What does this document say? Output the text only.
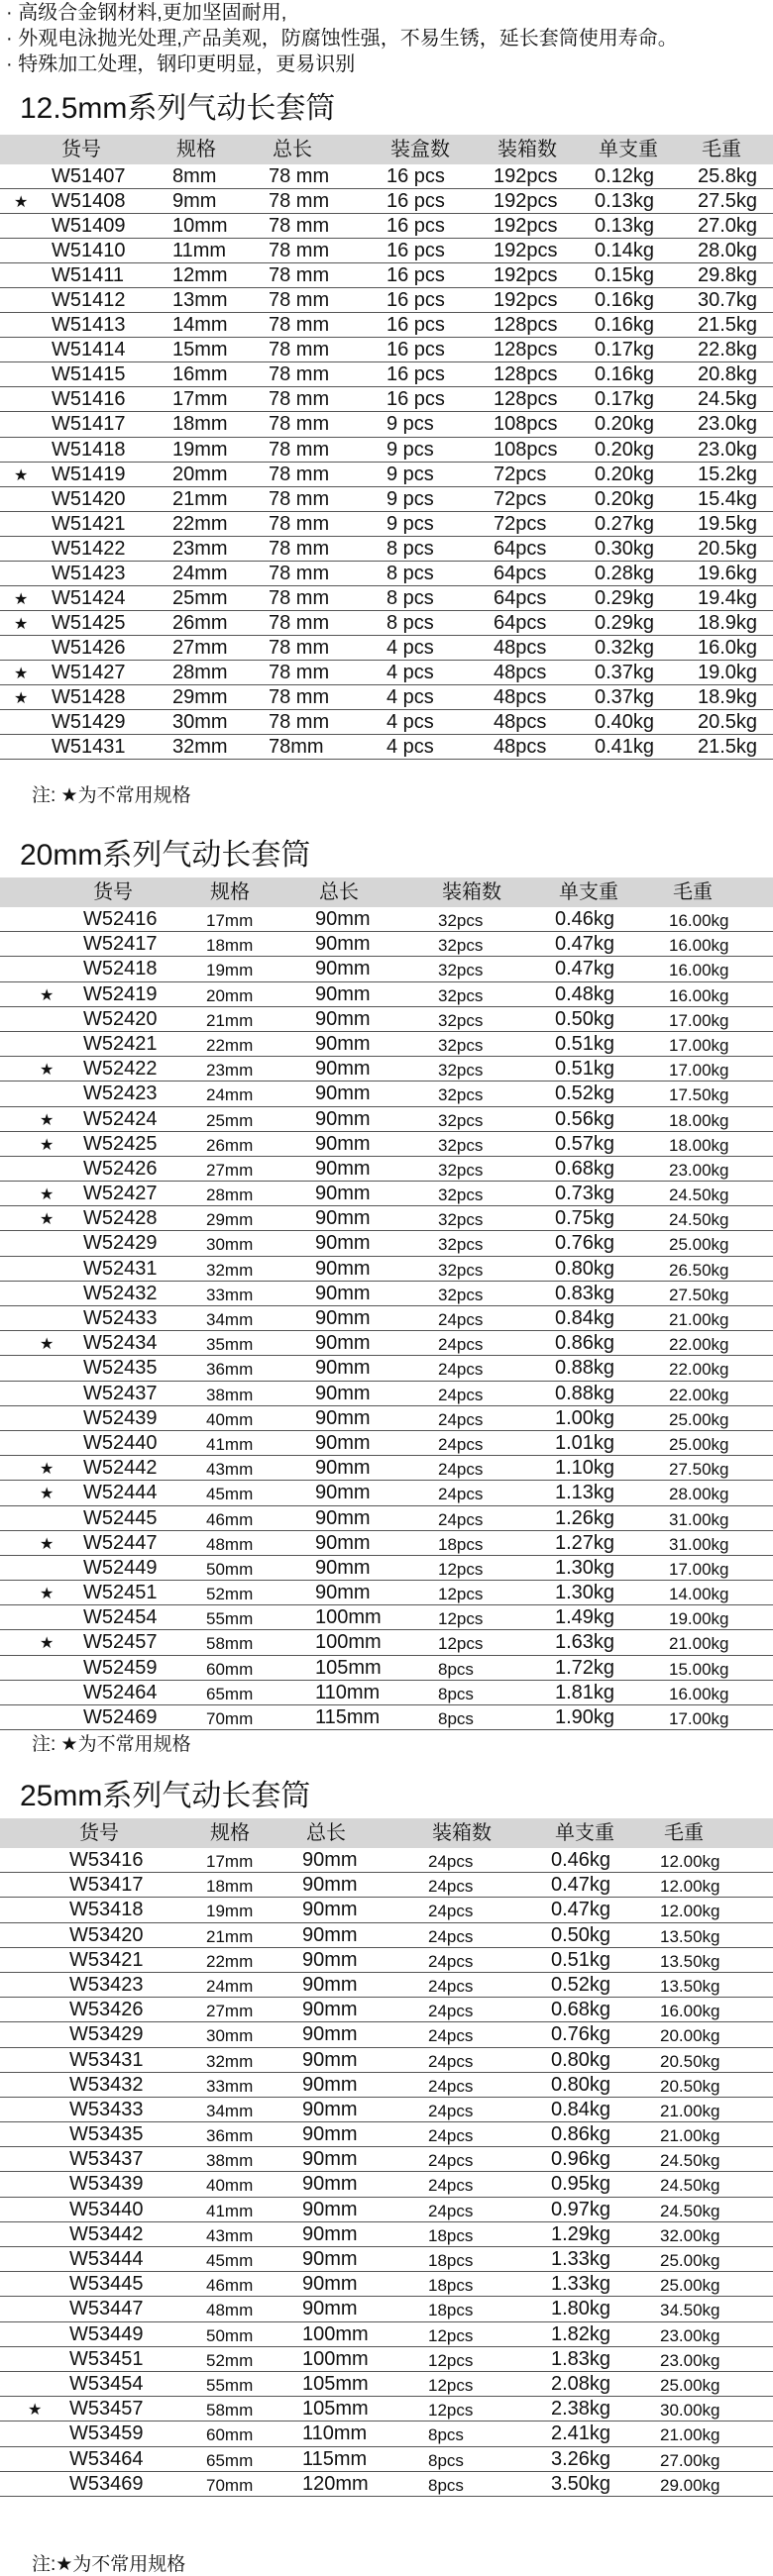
· 高级合金钢材料,更加坚固耐用,
· 外观电泳抛光处理,产品美观，防腐蚀性强，不易生锈，延长套筒使用寿命。
· 特殊加工处理，钢印更明显，更易识别
12.5mm系列气动长套筒
货号	规格	总长	装盒数 装箱数 单支重 毛重
W51407 8mm	78 mm	16 pcs 192pcs 0.12kg 25.8kg
★ W51408 9mm	78 mm	16 pcs 192pcs 0.13kg 27.5kg
W51409 10mm 78 mm	16 pcs 192pcs 0.13kg 27.0kg
W51410 11mm 78 mm	16 pcs 192pcs 0.14kg 28.0kg
W51411 12mm 78 mm	16 pcs 192pcs 0.15kg 29.8kg
W51412 13mm 78 mm	16 pcs 192pcs 0.16kg 30.7kg
W51413 14mm 78 mm	16 pcs 128pcs 0.16kg 21.5kg
W51414 15mm 78 mm	16 pcs 128pcs 0.17kg 22.8kg
W51415 16mm 78 mm	16 pcs 128pcs 0.16kg 20.8kg
W51416 17mm 78 mm	16 pcs 128pcs 0.17kg 24.5kg
W51417 18mm 78 mm	9 pcs	108pcs 0.20kg 23.0kg
W51418 19mm 78 mm	9 pcs	108pcs 0.20kg 23.0kg
★ W51419 20mm 78 mm	9 pcs	72pcs 0.20kg 15.2kg
W51420 21mm 78 mm	9 pcs	72pcs 0.20kg 15.4kg
W51421 22mm 78 mm	9 pcs	72pcs 0.27kg 19.5kg
W51422 23mm 78 mm	8 pcs	64pcs 0.30kg 20.5kg
W51423 24mm 78 mm	8 pcs	64pcs 0.28kg 19.6kg
★ W51424 25mm 78 mm	8 pcs	64pcs 0.29kg 19.4kg
★ W51425 26mm 78 mm	8 pcs	64pcs 0.29kg 18.9kg
W51426 27mm 78 mm	4 pcs	48pcs 0.32kg 16.0kg
★ W51427 28mm 78 mm	4 pcs	48pcs 0.37kg 19.0kg
★ W51428 29mm 78 mm	4 pcs	48pcs 0.37kg 18.9kg
W51429 30mm 78 mm	4 pcs	48pcs 0.40kg 20.5kg
W51431 32mm 78mm	4 pcs	48pcs 0.41kg 21.5kg
注: ★为不常用规格
20mm系列气动长套筒
货号	规格	总长	装箱数	单支重	毛重
W52416	17mm	90mm	32pcs	0.46kg	16.00kg
W52417	18mm	90mm	32pcs	0.47kg	16.00kg
W52418	19mm	90mm	32pcs	0.47kg	16.00kg
★ W52419	20mm	90mm	32pcs	0.48kg	16.00kg
W52420	21mm	90mm	32pcs	0.50kg	17.00kg
W52421	22mm	90mm	32pcs	0.51kg	17.00kg
★ W52422	23mm	90mm	32pcs	0.51kg	17.00kg
W52423	24mm	90mm	32pcs	0.52kg	17.50kg
★ W52424	25mm	90mm	32pcs	0.56kg	18.00kg
★ W52425	26mm	90mm	32pcs	0.57kg	18.00kg
W52426	27mm	90mm	32pcs	0.68kg	23.00kg
★ W52427	28mm	90mm	32pcs	0.73kg	24.50kg
★ W52428	29mm	90mm	32pcs	0.75kg	24.50kg
W52429	30mm	90mm	32pcs	0.76kg	25.00kg
W52431	32mm	90mm	32pcs	0.80kg	26.50kg
W52432	33mm	90mm	32pcs	0.83kg	27.50kg
W52433	34mm	90mm	24pcs	0.84kg	21.00kg
★ W52434	35mm	90mm	24pcs	0.86kg	22.00kg
W52435	36mm	90mm	24pcs	0.88kg	22.00kg
W52437	38mm	90mm	24pcs	0.88kg	22.00kg
W52439	40mm	90mm	24pcs	1.00kg	25.00kg
W52440	41mm	90mm	24pcs	1.01kg	25.00kg
★ W52442	43mm	90mm	24pcs	1.10kg	27.50kg
★ W52444	45mm	90mm	24pcs	1.13kg	28.00kg
W52445	46mm	90mm	24pcs	1.26kg	31.00kg
★ W52447	48mm	90mm	18pcs	1.27kg	31.00kg
W52449	50mm	90mm	12pcs	1.30kg	17.00kg
★ W52451	52mm	90mm	12pcs	1.30kg	14.00kg
W52454	55mm	100mm	12pcs	1.49kg	19.00kg
★ W52457	58mm	100mm	12pcs	1.63kg	21.00kg
W52459	60mm	105mm	8pcs	1.72kg	15.00kg
W52464	65mm	110mm	8pcs	1.81kg	16.00kg
W52469	70mm	115mm	8pcs	1.90kg	17.00kg
注: ★为不常用规格
25mm系列气动长套筒
货号	规格	总长	装箱数	单支重	毛重
W53416	17mm 90mm	24pcs	0.46kg	12.00kg
W53417	18mm 90mm	24pcs	0.47kg	12.00kg
W53418	19mm 90mm	24pcs	0.47kg	12.00kg
W53420	21mm 90mm	24pcs	0.50kg	13.50kg
W53421	22mm 90mm	24pcs	0.51kg	13.50kg
W53423	24mm 90mm	24pcs	0.52kg	13.50kg
W53426	27mm 90mm	24pcs	0.68kg	16.00kg
W53429	30mm 90mm	24pcs	0.76kg	20.00kg
W53431	32mm 90mm	24pcs	0.80kg	20.50kg
W53432	33mm 90mm	24pcs	0.80kg	20.50kg
W53433	34mm 90mm	24pcs	0.84kg	21.00kg
W53435	36mm 90mm	24pcs	0.86kg	21.00kg
W53437	38mm 90mm	24pcs	0.96kg	24.50kg
W53439	40mm 90mm	24pcs	0.95kg	24.50kg
W53440	41mm 90mm	24pcs	0.97kg	24.50kg
W53442	43mm 90mm	18pcs	1.29kg	32.00kg
W53444	45mm 90mm	18pcs	1.33kg	25.00kg
W53445	46mm 90mm	18pcs	1.33kg	25.00kg
W53447	48mm 90mm	18pcs	1.80kg	34.50kg
W53449	50mm 100mm	12pcs	1.82kg	23.00kg
W53451	52mm 100mm	12pcs	1.83kg	23.00kg
W53454	55mm 105mm	12pcs	2.08kg	25.00kg
★ W53457	58mm 105mm	12pcs	2.38kg	30.00kg
W53459	60mm 110mm	8pcs	2.41kg	21.00kg
W53464	65mm 115mm	8pcs	3.26kg	27.00kg
W53469	70mm 120mm	8pcs	3.50kg	29.00kg
注:★为不常用规格
